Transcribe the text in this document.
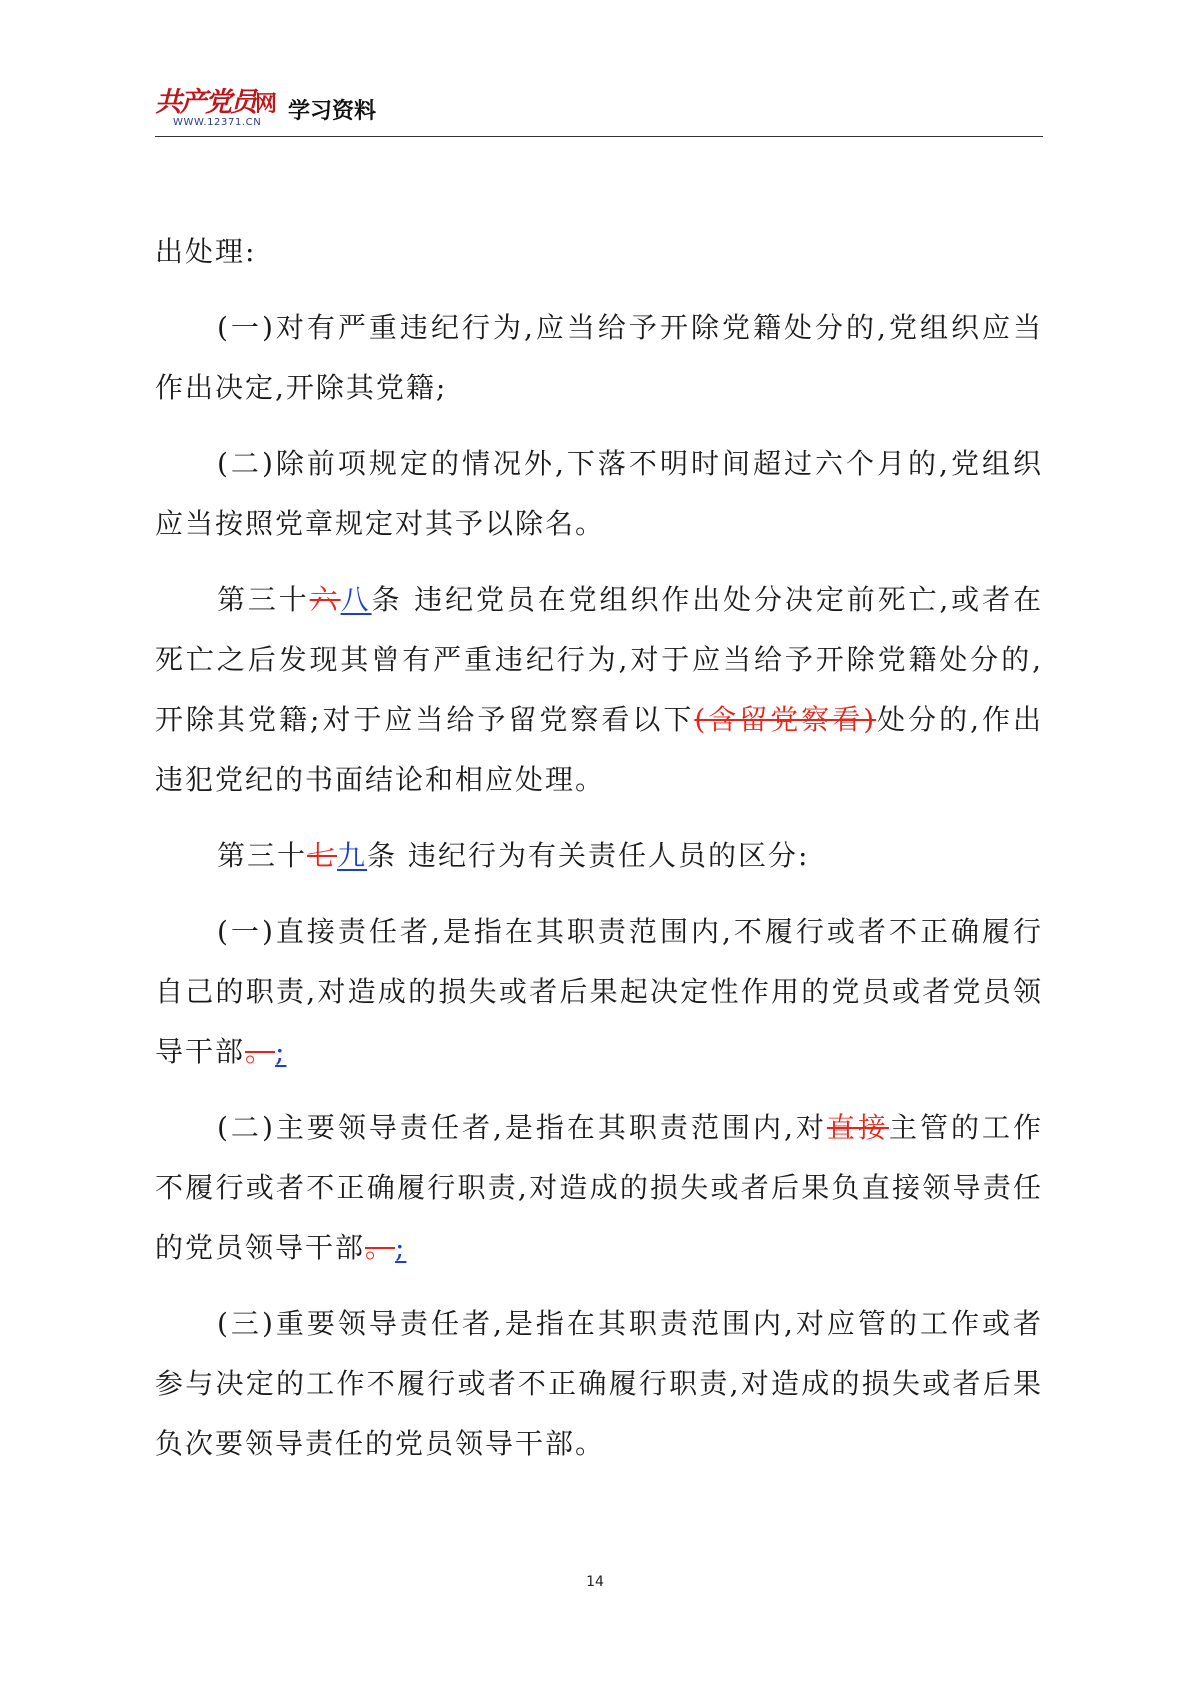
共产党员网
WWW.12371.CN 学习资料

出处理:

(一)对有严重违纪行为,应当给予开除党籍处分的,党组织应当作出决定,开除其党籍;

(二)除前项规定的情况外,下落不明时间超过六个月的,党组织应当按照党章规定对其予以除名。

第三十六八条 违纪党员在党组织作出处分决定前死亡,或者在死亡之后发现其曾有严重违纪行为,对于应当给予开除党籍处分的,开除其党籍;对于应当给予留党察看以下(含留党察看)处分的,作出违犯党纪的书面结论和相应处理。

第三十七九条 违纪行为有关责任人员的区分:

(一)直接责任者,是指在其职责范围内,不履行或者不正确履行自己的职责,对造成的损失或者后果起决定性作用的党员或者党员领导干部。;

(二)主要领导责任者,是指在其职责范围内,对直接主管的工作不履行或者不正确履行职责,对造成的损失或者后果负直接领导责任的党员领导干部。;

(三)重要领导责任者,是指在其职责范围内,对应管的工作或者参与决定的工作不履行或者不正确履行职责,对造成的损失或者后果负次要领导责任的党员领导干部。

14
